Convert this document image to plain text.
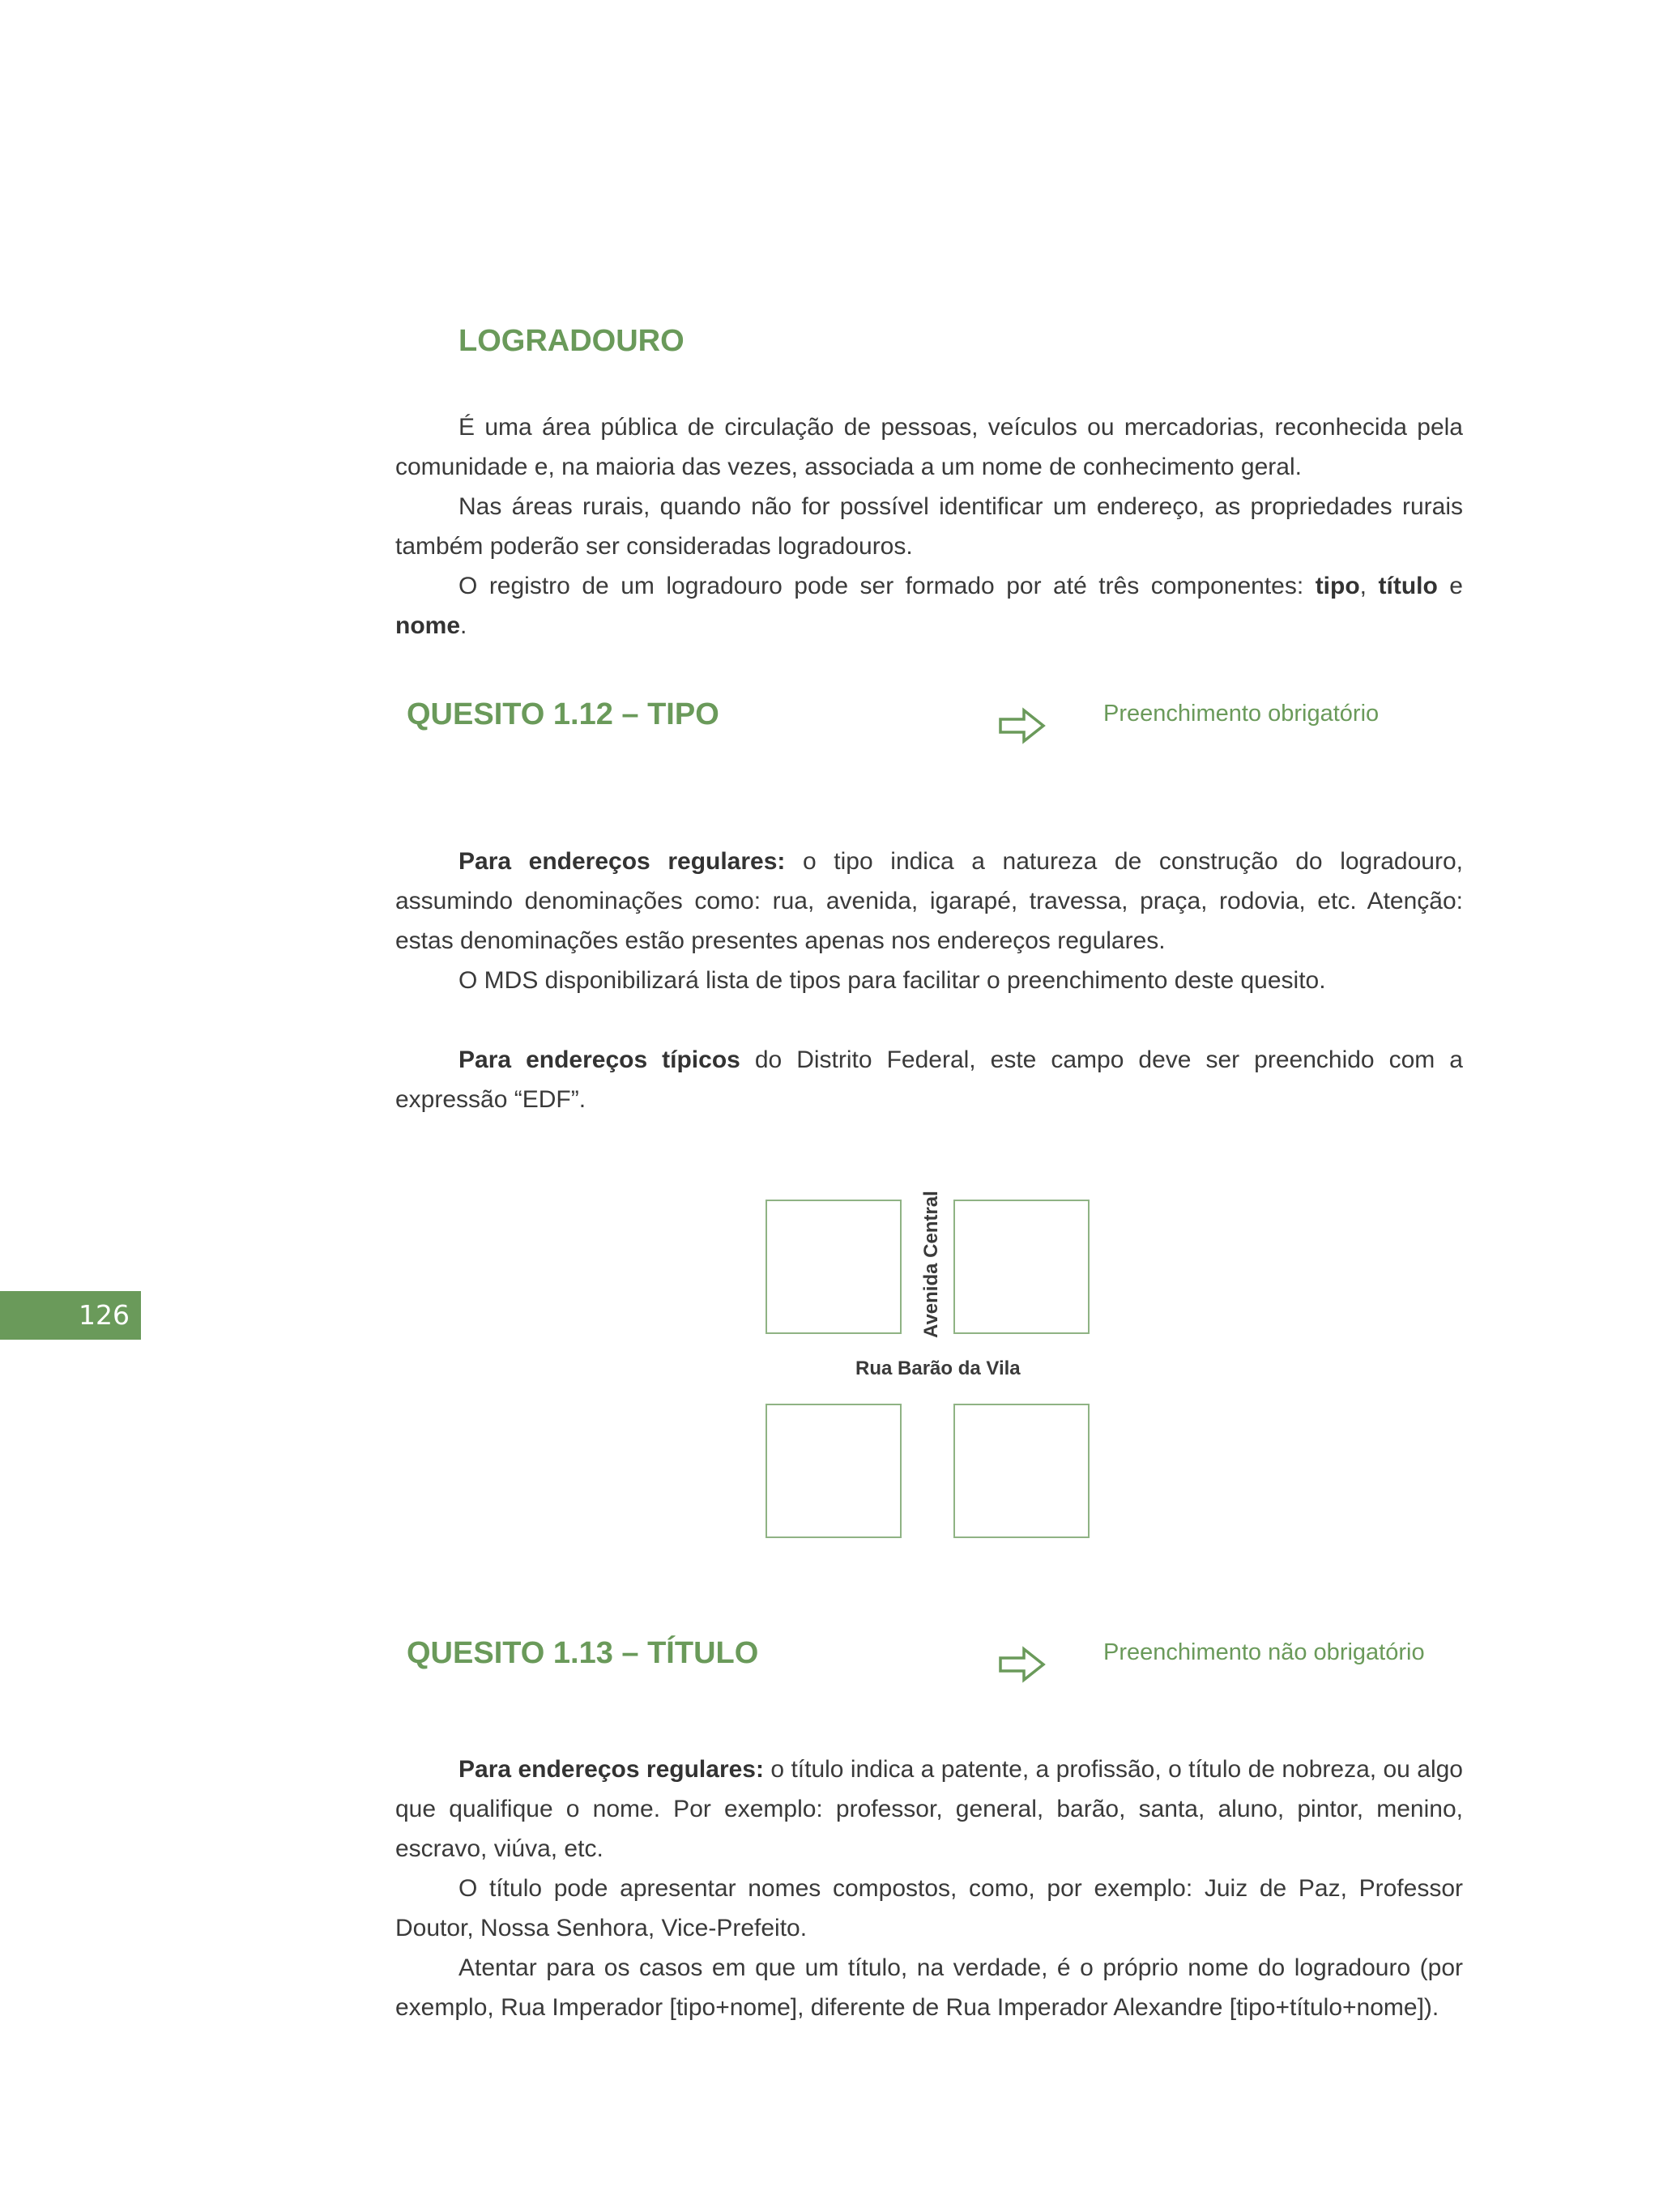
LOGRADOURO

É uma área pública de circulação de pessoas, veículos ou mercadorias, reconhecida pela comunidade e, na maioria das vezes, associada a um nome de conhecimento geral.

Nas áreas rurais, quando não for possível identificar um endereço, as propriedades rurais também poderão ser consideradas logradouros.

O registro de um logradouro pode ser formado por até três componentes: tipo, título e nome.

QUESITO 1.12 – TIPO	Preenchimento obrigatório

Para endereços regulares: o tipo indica a natureza de construção do logradouro, assumindo denominações como: rua, avenida, igarapé, travessa, praça, rodovia, etc. Atenção: estas denominações estão presentes apenas nos endereços regulares.

O MDS disponibilizará lista de tipos para facilitar o preenchimento deste quesito.

Para endereços típicos do Distrito Federal, este campo deve ser preenchido com a expressão “EDF”.

Avenida Central
Rua Barão da Vila
QUESITO 1.13 – TÍTULO	Preenchimento não obrigatório

Para endereços regulares: o título indica a patente, a profissão, o título de nobreza, ou algo que qualifique o nome. Por exemplo: professor, general, barão, santa, aluno, pintor, menino, escravo, viúva, etc.

O título pode apresentar nomes compostos, como, por exemplo: Juiz de Paz, Professor Doutor, Nossa Senhora, Vice-Prefeito.

Atentar para os casos em que um título, na verdade, é o próprio nome do logradouro (por exemplo, Rua Imperador [tipo+nome], diferente de Rua Imperador Alexandre [tipo+título+nome]).

126
